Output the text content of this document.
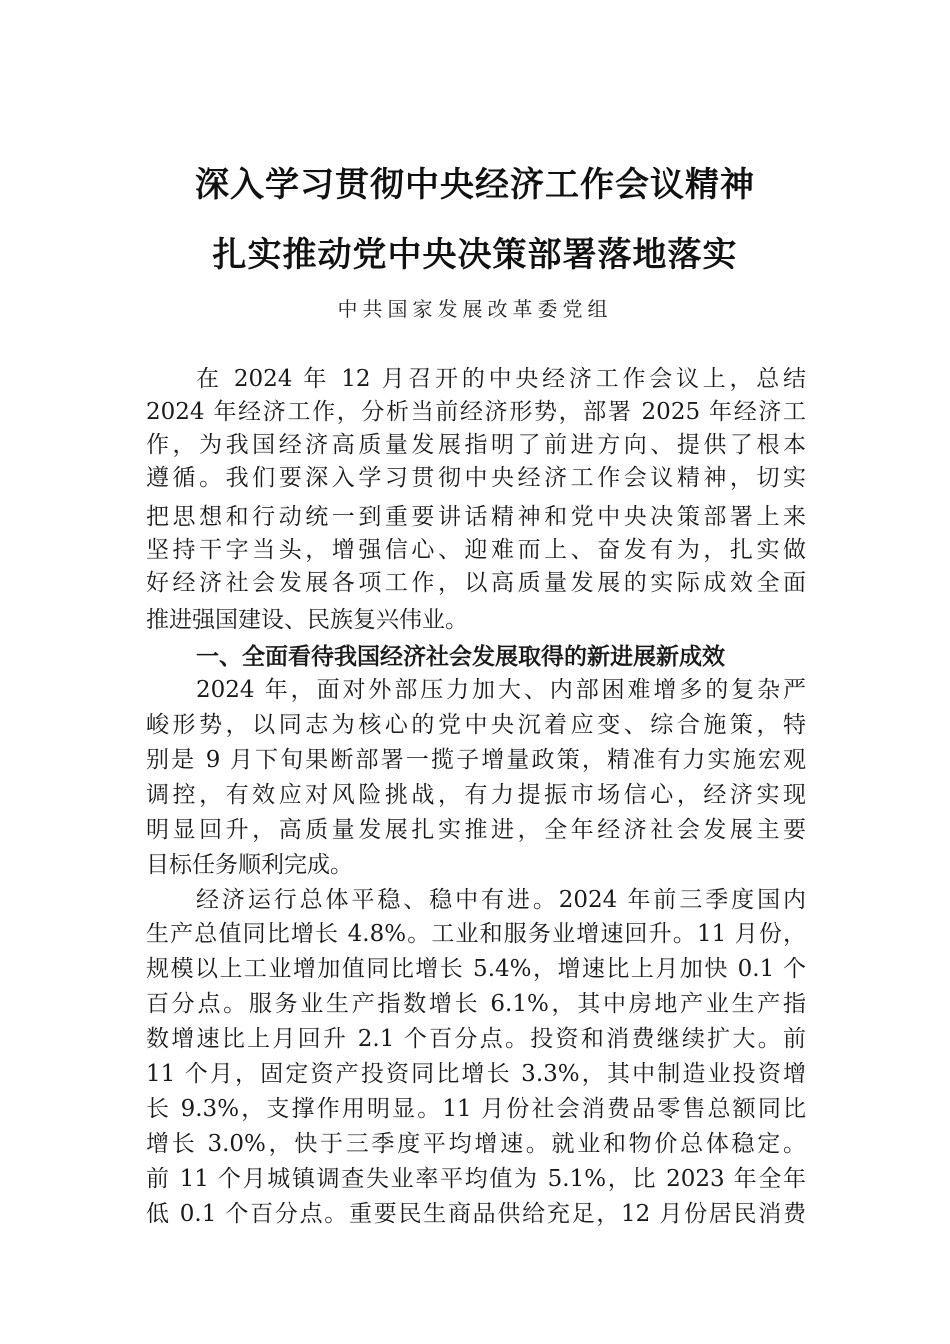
深入学习贯彻中央经济工作会议精神
扎实推动党中央决策部署落地落实
中共国家发展改革委党组
在 2024 年 12 月召开的中央经济工作会议上，总结
2024 年经济工作，分析当前经济形势，部署 2025 年经济工
作，为我国经济高质量发展指明了前进方向、提供了根本
遵循。我们要深入学习贯彻中央经济工作会议精神，切实
把思想和行动统一到重要讲话精神和党中央决策部署上来
坚持干字当头，增强信心、迎难而上、奋发有为，扎实做
好经济社会发展各项工作，以高质量发展的实际成效全面
推进强国建设、民族复兴伟业。
一、全面看待我国经济社会发展取得的新进展新成效
2024 年，面对外部压力加大、内部困难增多的复杂严
峻形势，以同志为核心的党中央沉着应变、综合施策，特
别是 9 月下旬果断部署一揽子增量政策，精准有力实施宏观
调控，有效应对风险挑战，有力提振市场信心，经济实现
明显回升，高质量发展扎实推进，全年经济社会发展主要
目标任务顺利完成。
经济运行总体平稳、稳中有进。2024 年前三季度国内
生产总值同比增长 4.8%。工业和服务业增速回升。11 月份，
规模以上工业增加值同比增长 5.4%，增速比上月加快 0.1 个
百分点。服务业生产指数增长 6.1%，其中房地产业生产指
数增速比上月回升 2.1 个百分点。投资和消费继续扩大。前
11 个月，固定资产投资同比增长 3.3%，其中制造业投资增
长 9.3%，支撑作用明显。11 月份社会消费品零售总额同比
增长 3.0%，快于三季度平均增速。就业和物价总体稳定。
前 11 个月城镇调查失业率平均值为 5.1%，比 2023 年全年
低 0.1 个百分点。重要民生商品供给充足，12 月份居民消费
